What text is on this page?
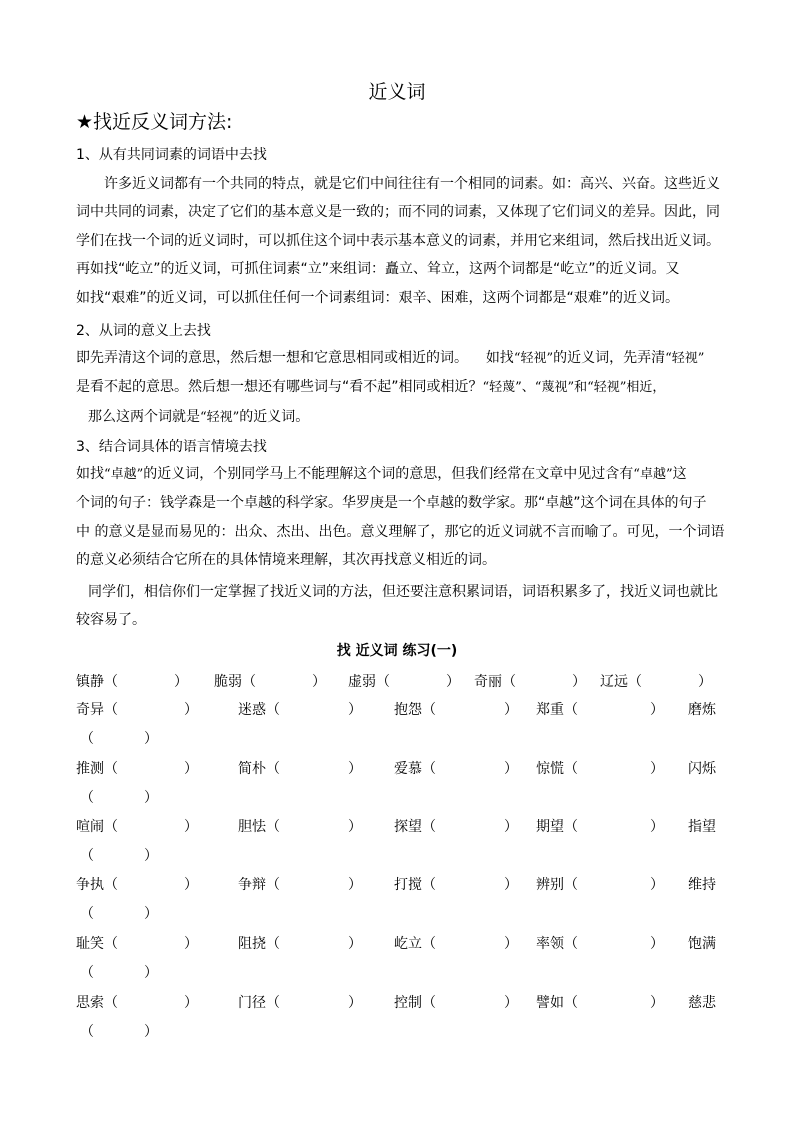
近义词
★找近反义词方法:
1、从有共同词素的词语中去找
许多近义词都有一个共同的特点，就是它们中间往往有一个相同的词素。如：高兴、兴奋。这些近义
词中共同的词素，决定了它们的基本意义是一致的；而不同的词素，又体现了它们词义的差异。因此，同
学们在找一个词的近义词时，可以抓住这个词中表示基本意义的词素，并用它来组词，然后找出近义词。
再如找“屹立”的近义词，可抓住词素“立”来组词：矗立、耸立，这两个词都是“屹立”的近义词。又
如找“艰难”的近义词，可以抓住任何一个词素组词：艰辛、困难，这两个词都是“艰难”的近义词。
2、从词的意义上去找
即先弄清这个词的意思，然后想一想和它意思相同或相近的词。 如找“轻视”的近义词，先弄清“轻视”
是看不起的意思。然后想一想还有哪些词与“看不起”相同或相近？“轻蔑”、“蔑视”和“轻视”相近，
那么这两个词就是“轻视”的近义词。
3、结合词具体的语言情境去找
如找“卓越”的近义词，个别同学马上不能理解这个词的意思，但我们经常在文章中见过含有“卓越”这
个词的句子：钱学森是一个卓越的科学家。华罗庚是一个卓越的数学家。那“卓越”这个词在具体的句子
中 的意义是显而易见的：出众、杰出、出色。意义理解了，那它的近义词就不言而喻了。可见，一个词语
的意义必须结合它所在的具体情境来理解，其次再找意义相近的词。
同学们，相信你们一定掌握了找近义词的方法，但还要注意积累词语，词语积累多了，找近义词也就比
较容易了。
找 近义词 练习(一)
镇静（	） 脆弱（	） 虚弱（	） 奇丽（	） 辽远（	）
奇异（	）	迷惑（	） 抱怨（	） 郑重（	） 磨炼
（	）
推测（	）	简朴（	） 爱慕（	） 惊慌（	） 闪烁
（	）
喧闹（	）	胆怯（	） 探望（	） 期望（	） 指望
（	）
争执（	）	争辩（	） 打搅（	） 辨别（	） 维持
（	）
耻笑（	）	阻挠（	） 屹立（	） 率领（	） 饱满
（	）
思索（	）	门径（	） 控制（	） 譬如（	） 慈悲
（	）
